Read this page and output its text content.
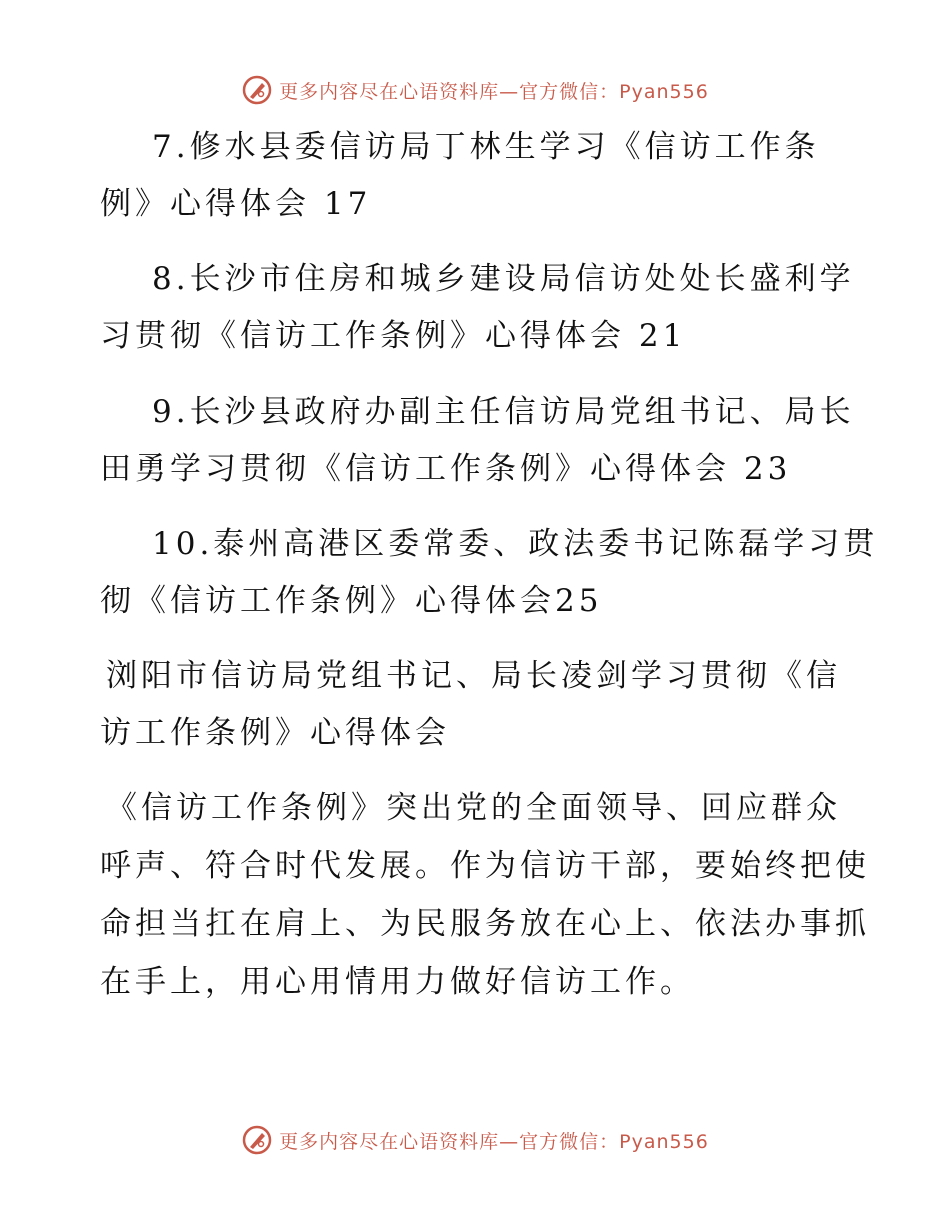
更多内容尽在心语资料库—官方微信：Pyan556
7.修水县委信访局丁林生学习《信访工作条
例》心得体会 17
8.长沙市住房和城乡建设局信访处处长盛利学
习贯彻《信访工作条例》心得体会 21
9.长沙县政府办副主任信访局党组书记、局长
田勇学习贯彻《信访工作条例》心得体会 23
10.泰州高港区委常委、政法委书记陈磊学习贯
彻《信访工作条例》心得体会25
浏阳市信访局党组书记、局长凌剑学习贯彻《信
访工作条例》心得体会
《信访工作条例》突出党的全面领导、回应群众
呼声、符合时代发展。作为信访干部，要始终把使
命担当扛在肩上、为民服务放在心上、依法办事抓
在手上，用心用情用力做好信访工作。
更多内容尽在心语资料库—官方微信：Pyan556
